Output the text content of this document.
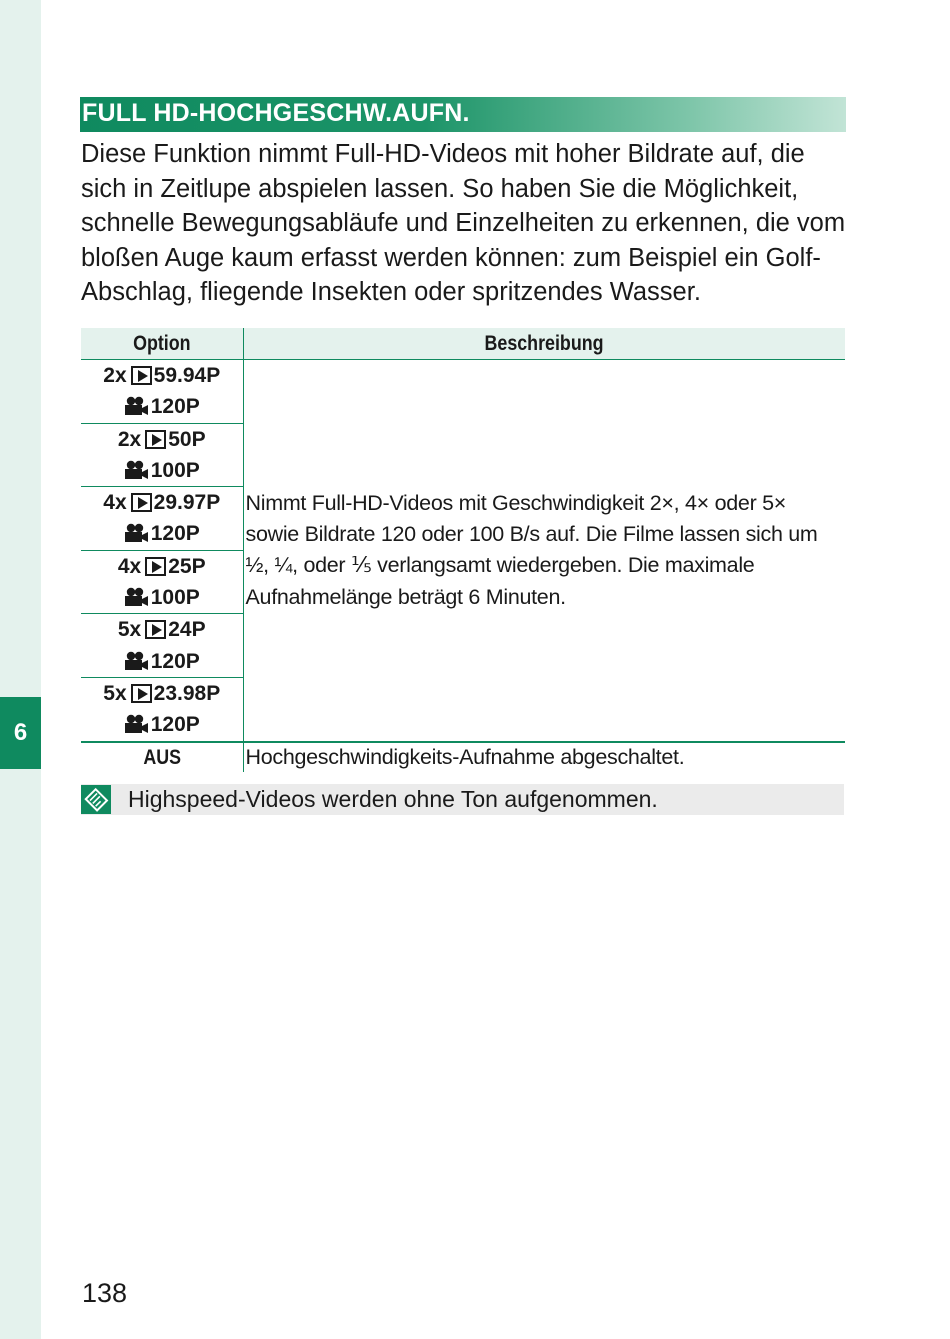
6
FULL HD-HOCHGESCHW.AUFN.

Diese Funktion nimmt Full-HD-Videos mit hoher Bildrate auf, die sich in Zeitlupe abspielen lassen. So haben Sie die Möglichkeit, schnelle Bewegungsabläufe und Einzelheiten zu erkennen, die vom bloßen Auge kaum erfasst werden können: zum Beispiel ein Golf-Abschlag, fliegende Insekten oder spritzendes Wasser.

Option	Beschreibung

2x 59.94P
120P	Nimmt Full-HD-Videos mit Geschwindigkeit 2×, 4× oder 5× sowie Bildrate 120 oder 100 B/s auf. Die Filme lassen sich um ½, ¼, oder ⅕ verlangsamt wiedergeben. Die maximale Aufnahmelänge beträgt 6 Minuten.

2x 50P
100P	

4x 29.97P
120P	

4x 25P
100P	

5x 24P
120P	

5x 23.98P
120P	

AUS	Hochgeschwindigkeits-Aufnahme abgeschaltet.
Highspeed-Videos werden ohne Ton aufgenommen.
138
